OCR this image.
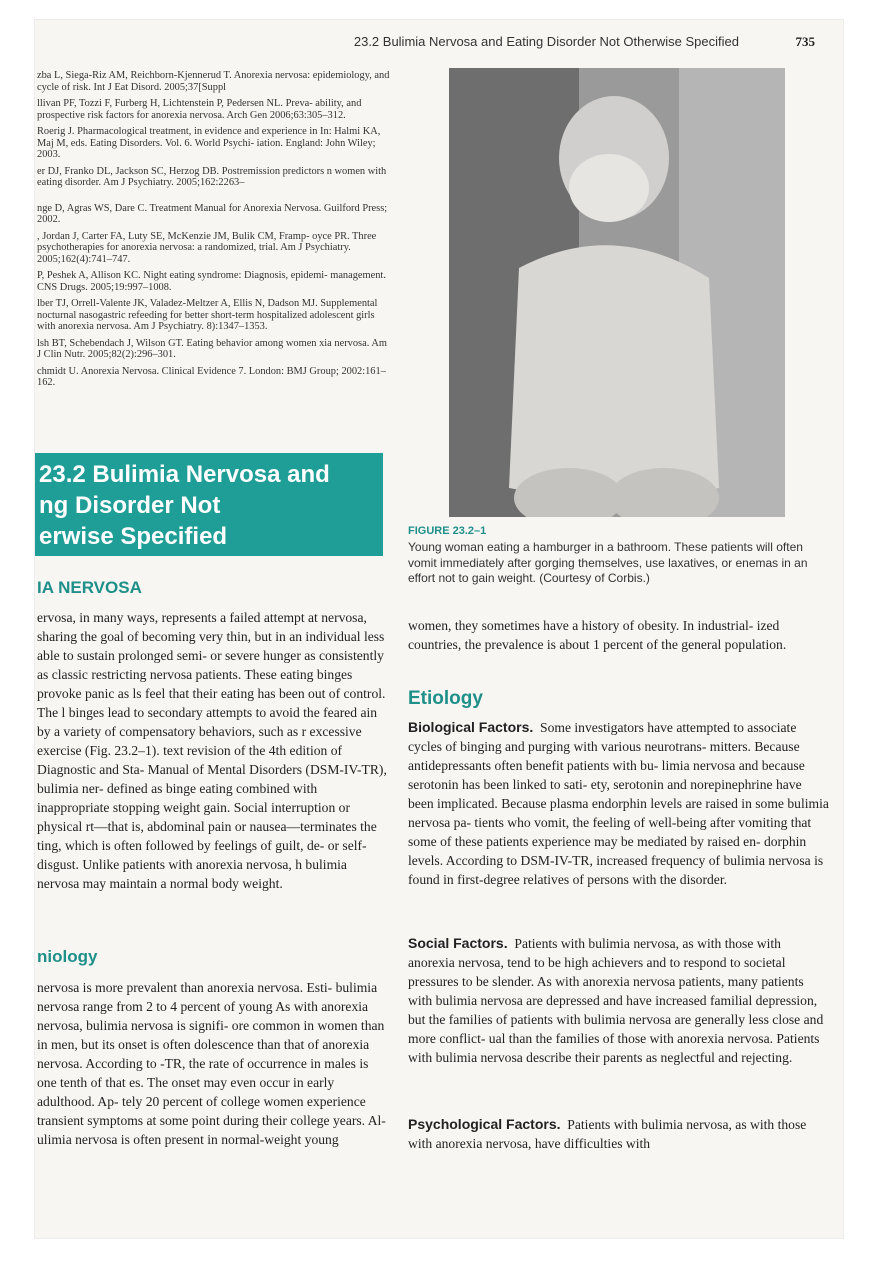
23.2 Bulimia Nervosa and Eating Disorder Not Otherwise Specified	735
zba L, Siega-Riz AM, Reichborn-Kjennerud T. Anorexia nervosa: epidemiology, and cycle of risk. Int J Eat Disord. 2005;37[Suppl
llivan PF, Tozzi F, Furberg H, Lichtenstein P, Pedersen NL. Preva- ability, and prospective risk factors for anorexia nervosa. Arch Gen 2006;63:305–312.
Roerig J. Pharmacological treatment, in evidence and experience in In: Halmi KA, Maj M, eds. Eating Disorders. Vol. 6. World Psychi- iation. England: John Wiley; 2003.
er DJ, Franko DL, Jackson SC, Herzog DB. Postremission predictors n women with eating disorder. Am J Psychiatry. 2005;162:2263–
nge D, Agras WS, Dare C. Treatment Manual for Anorexia Nervosa. Guilford Press; 2002.
, Jordan J, Carter FA, Luty SE, McKenzie JM, Bulik CM, Framp- oyce PR. Three psychotherapies for anorexia nervosa: a randomized, trial. Am J Psychiatry. 2005;162(4):741–747.
P, Peshek A, Allison KC. Night eating syndrome: Diagnosis, epidemi- management. CNS Drugs. 2005;19:997–1008.
lber TJ, Orrell-Valente JK, Valadez-Meltzer A, Ellis N, Dadson MJ. Supplemental nocturnal nasogastric refeeding for better short-term hospitalized adolescent girls with anorexia nervosa. Am J Psychiatry. 8):1347–1353.
lsh BT, Schebendach J, Wilson GT. Eating behavior among women xia nervosa. Am J Clin Nutr. 2005;82(2):296–301.
chmidt U. Anorexia Nervosa. Clinical Evidence 7. London: BMJ Group; 2002:161–162.
23.2 Bulimia Nervosa and
ng Disorder Not
erwise Specified
IA NERVOSA
ervosa, in many ways, represents a failed attempt at nervosa, sharing the goal of becoming very thin, but in an individual less able to sustain prolonged semi- or severe hunger as consistently as classic restricting nervosa patients. These eating binges provoke panic as ls feel that their eating has been out of control. The l binges lead to secondary attempts to avoid the feared ain by a variety of compensatory behaviors, such as r excessive exercise (Fig. 23.2–1). text revision of the 4th edition of Diagnostic and Sta- Manual of Mental Disorders (DSM-IV-TR), bulimia ner- defined as binge eating combined with inappropriate stopping weight gain. Social interruption or physical rt—that is, abdominal pain or nausea—terminates the ting, which is often followed by feelings of guilt, de- or self-disgust. Unlike patients with anorexia nervosa, h bulimia nervosa may maintain a normal body weight.
niology
nervosa is more prevalent than anorexia nervosa. Esti- bulimia nervosa range from 2 to 4 percent of young As with anorexia nervosa, bulimia nervosa is signifi- ore common in women than in men, but its onset is often dolescence than that of anorexia nervosa. According to -TR, the rate of occurrence in males is one tenth of that es. The onset may even occur in early adulthood. Ap- tely 20 percent of college women experience transient symptoms at some point during their college years. Al- ulimia nervosa is often present in normal-weight young
FIGURE 23.2–1
Young woman eating a hamburger in a bathroom. These patients will often vomit immediately after gorging themselves, use laxatives, or enemas in an effort not to gain weight. (Courtesy of Corbis.)
women, they sometimes have a history of obesity. In industrial- ized countries, the prevalence is about 1 percent of the general population.
Etiology
Biological Factors. Some investigators have attempted to associate cycles of binging and purging with various neurotrans- mitters. Because antidepressants often benefit patients with bu- limia nervosa and because serotonin has been linked to sati- ety, serotonin and norepinephrine have been implicated. Because plasma endorphin levels are raised in some bulimia nervosa pa- tients who vomit, the feeling of well-being after vomiting that some of these patients experience may be mediated by raised en- dorphin levels. According to DSM-IV-TR, increased frequency of bulimia nervosa is found in first-degree relatives of persons with the disorder.
Social Factors. Patients with bulimia nervosa, as with those with anorexia nervosa, tend to be high achievers and to respond to societal pressures to be slender. As with anorexia nervosa patients, many patients with bulimia nervosa are depressed and have increased familial depression, but the families of patients with bulimia nervosa are generally less close and more conflict- ual than the families of those with anorexia nervosa. Patients with bulimia nervosa describe their parents as neglectful and rejecting.
Psychological Factors. Patients with bulimia nervosa, as with those with anorexia nervosa, have difficulties with
